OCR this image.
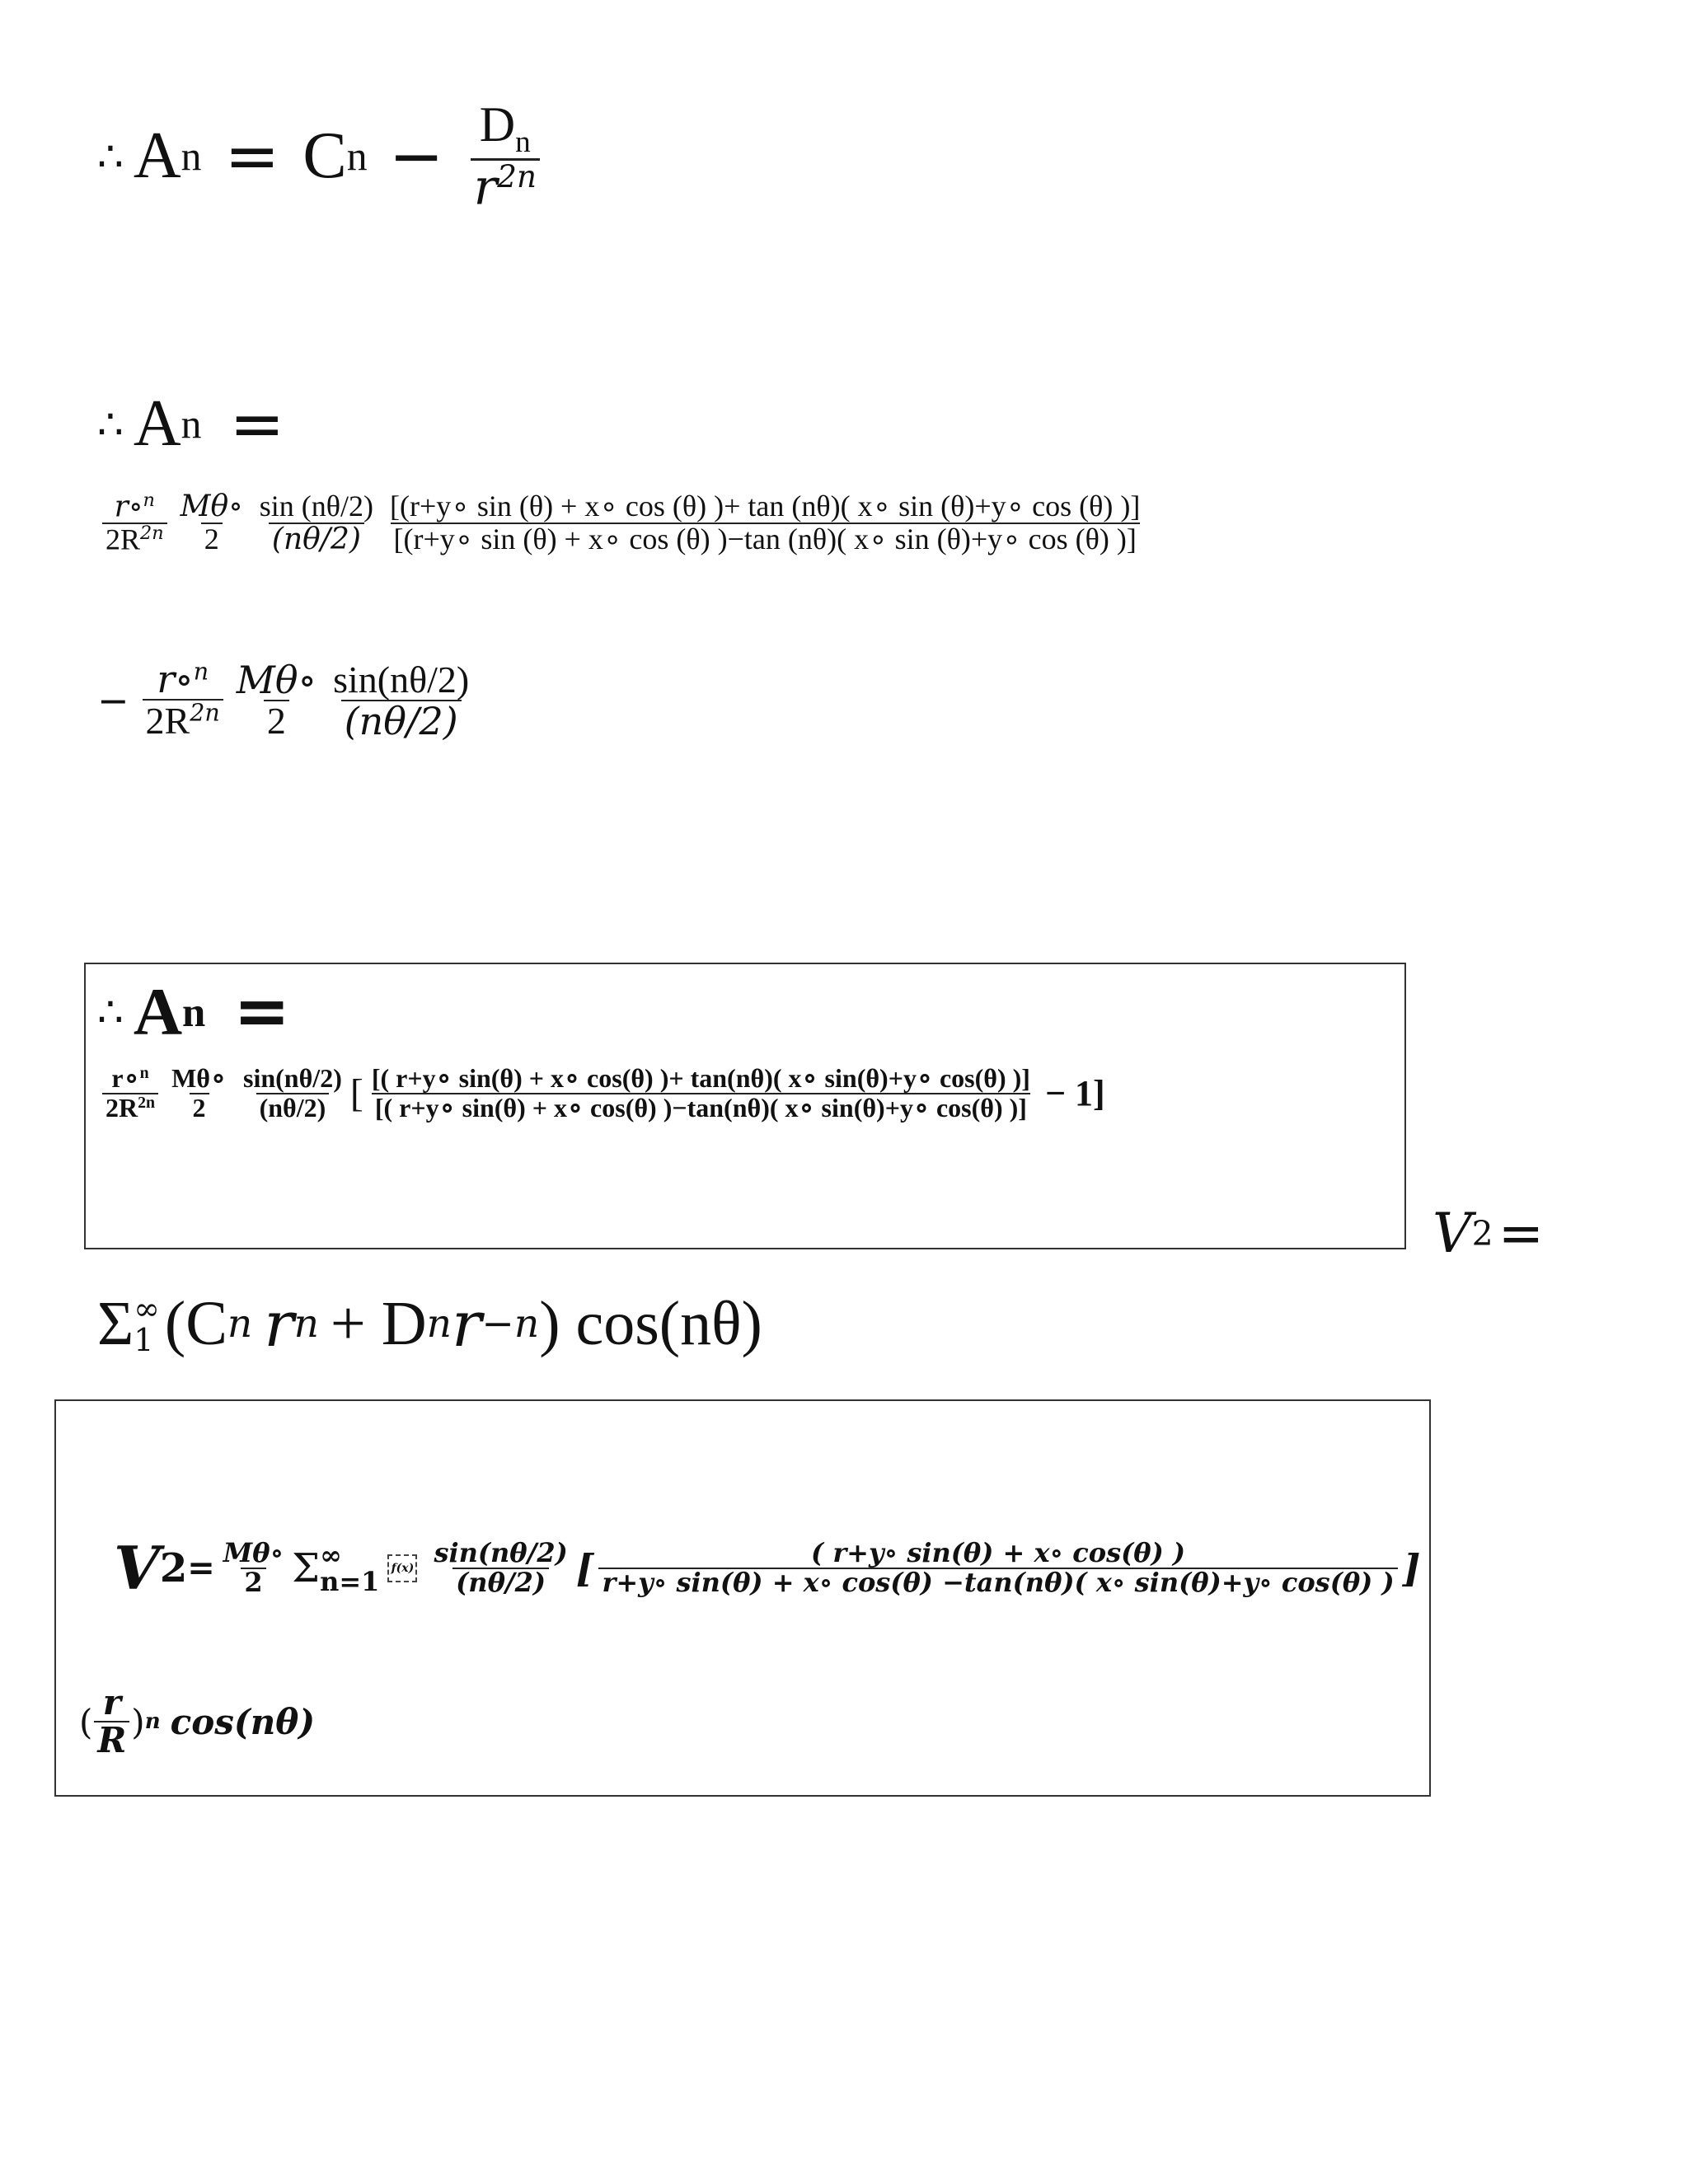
∴ A n = C $n - \frac{D_n}{r^{2n}}$
∴ A n =
$\frac{r\circ^n}{2R^{2n}} \frac{M\theta\circ}{2} \frac{\sin (n\theta/2)}{(n\theta/2)}$ [(r+y∘ sin (θ) + x∘ cos (θ) )+ tan (nθ)( x∘ sin (θ)+y∘ cos (θ) )]
[(r+y∘ sin (θ) + x∘ cos (θ) )−tan (nθ)( x∘ sin (θ)+y∘ cos (θ) )]
− $\frac{r\circ^n}{2R^{2n}} \frac{M\theta\circ}{2} \frac{\sin(n\theta/2)}{(n\theta/2)}$
∴ A n =
$\frac{r\circ^n}{2R^{2n}} \frac{M\theta\circ}{2} \frac{\sin(n\theta/2)}{(n\theta/2)}$ [ [( r+y∘ sin(θ) + x∘ cos(θ) )+ tan(nθ)( x∘ sin(θ)+y∘ cos(θ) )]
[( r+y∘ sin(θ) + x∘ cos(θ) )−tan(nθ)( x∘ sin(θ)+y∘ cos(θ) )] − 1]
V 2 =
Σ ∞
1 (C n r n + D n r −n ) cos(nθ)
V $2 = \frac{M\theta\circ}{2}$ Σ ∞
n=1 $f(x) \frac{\sin(n\theta/2)}{(n\theta/2)}$ [ $\frac{( r+y\circ \sin(\theta) + x\circ \cos(\theta) )}{r+y\circ \sin(\theta) + x\circ \cos(\theta) -\tan(n\theta)( x\circ \sin(\theta)+y\circ \cos(\theta) )}$ ]
( $\frac{r}{R}$ ) n cos(nθ)
